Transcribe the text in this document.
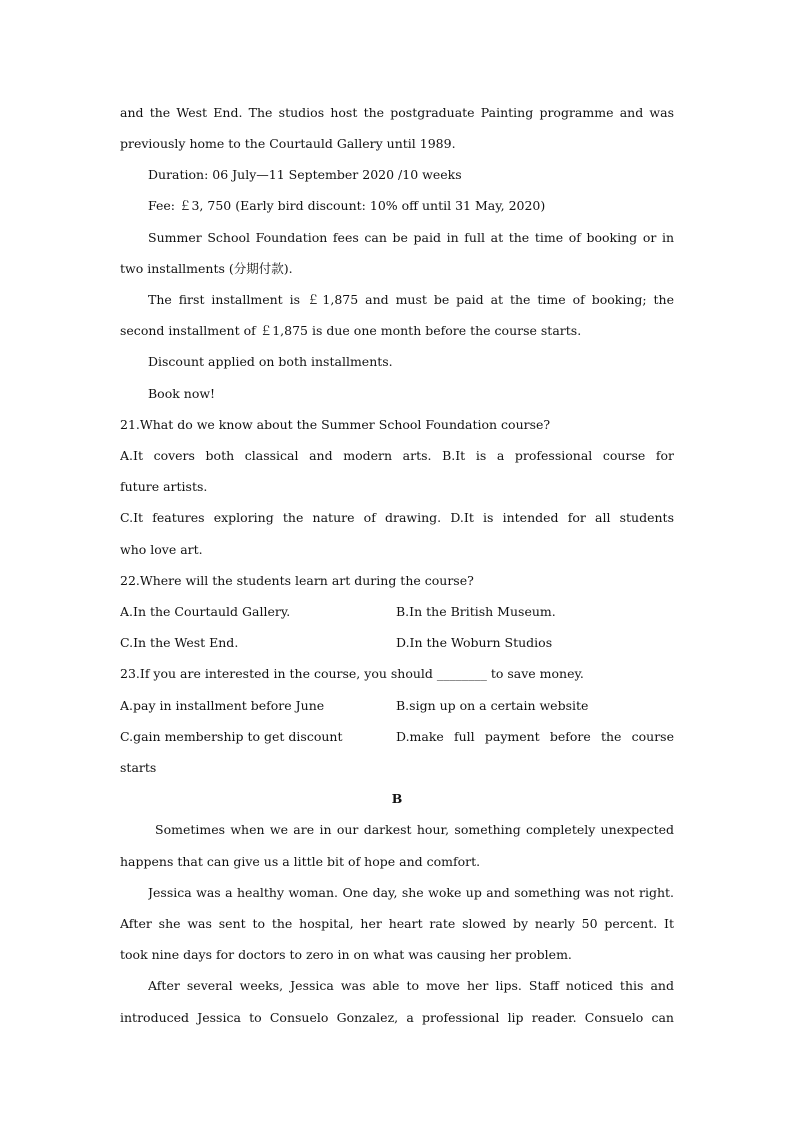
and the West End. The studios host the postgraduate Painting programme and was
previously home to the Courtauld Gallery until 1989.
Duration: 06 July—11 September 2020 /10 weeks
Fee: ￡3, 750 (Early bird discount: 10% off until 31 May, 2020)
Summer School Foundation fees can be paid in full at the time of booking or in
two installments (分期付款).
The first installment is ￡1,875 and must be paid at the time of booking; the
second installment of ￡1,875 is due one month before the course starts.
Discount applied on both installments.
Book now!
21.What do we know about the Summer School Foundation course?
A.It covers both classical and modern arts. B.It is a professional course for
future artists.
C.It features exploring the nature of drawing. D.It is intended for all students
who love art.
22.Where will the students learn art during the course?
A.In the Courtauld Gallery.	B.In the British Museum.
C.In the West End.	D.In the Woburn Studios
23.If you are interested in the course, you should ________ to save money.
A.pay in installment before June	B.sign up on a certain website
C.gain membership to get discount	D.make full payment before the course
starts
B
Sometimes when we are in our darkest hour, something completely unexpected
happens that can give us a little bit of hope and comfort.
Jessica was a healthy woman. One day, she woke up and something was not right.
After she was sent to the hospital, her heart rate slowed by nearly 50 percent. It
took nine days for doctors to zero in on what was causing her problem.
After several weeks, Jessica was able to move her lips. Staff noticed this and
introduced Jessica to Consuelo Gonzalez, a professional lip reader. Consuelo can
